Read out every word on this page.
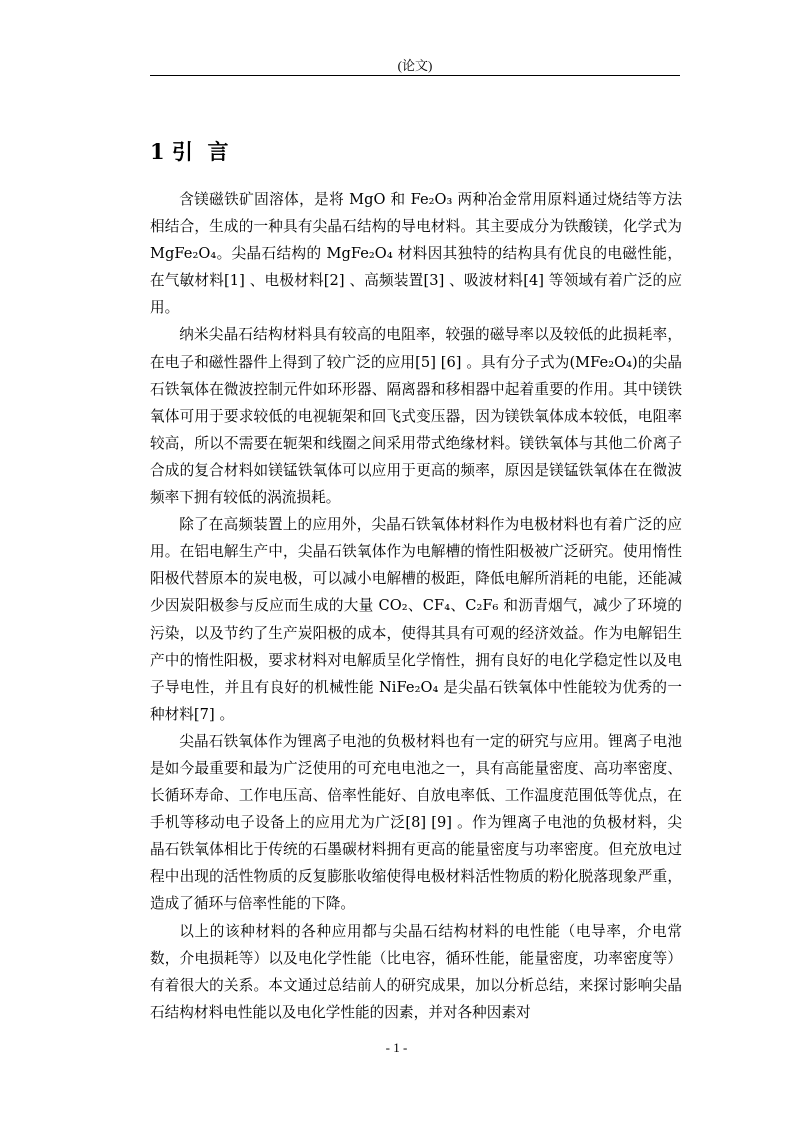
(论文)
1 引  言

含镁磁铁矿固溶体，是将 MgO 和 Fe₂O₃ 两种冶金常用原料通过烧结等方法相结合，生成的一种具有尖晶石结构的导电材料。其主要成分为铁酸镁，化学式为 MgFe₂O₄。尖晶石结构的 MgFe₂O₄ 材料因其独特的结构具有优良的电磁性能，在气敏材料[1] 、电极材料[2] 、高频装置[3] 、吸波材料[4] 等领域有着广泛的应用。

纳米尖晶石结构材料具有较高的电阻率，较强的磁导率以及较低的此损耗率，在电子和磁性器件上得到了较广泛的应用[5] [6] 。具有分子式为(MFe₂O₄)的尖晶石铁氧体在微波控制元件如环形器、隔离器和移相器中起着重要的作用。其中镁铁氧体可用于要求较低的电视轭架和回飞式变压器，因为镁铁氧体成本较低，电阻率较高，所以不需要在轭架和线圈之间采用带式绝缘材料。镁铁氧体与其他二价离子合成的复合材料如镁锰铁氧体可以应用于更高的频率，原因是镁锰铁氧体在在微波频率下拥有较低的涡流损耗。

除了在高频装置上的应用外，尖晶石铁氧体材料作为电极材料也有着广泛的应用。在铝电解生产中，尖晶石铁氧体作为电解槽的惰性阳极被广泛研究。使用惰性阳极代替原本的炭电极，可以减小电解槽的极距，降低电解所消耗的电能，还能减少因炭阳极参与反应而生成的大量 CO₂、CF₄、C₂F₆ 和沥青烟气，减少了环境的污染，以及节约了生产炭阳极的成本，使得其具有可观的经济效益。作为电解铝生产中的惰性阳极，要求材料对电解质呈化学惰性，拥有良好的电化学稳定性以及电子导电性，并且有良好的机械性能 NiFe₂O₄ 是尖晶石铁氧体中性能较为优秀的一种材料[7] 。

尖晶石铁氧体作为锂离子电池的负极材料也有一定的研究与应用。锂离子电池是如今最重要和最为广泛使用的可充电电池之一，具有高能量密度、高功率密度、长循环寿命、工作电压高、倍率性能好、自放电率低、工作温度范围低等优点，在手机等移动电子设备上的应用尤为广泛[8] [9] 。作为锂离子电池的负极材料，尖晶石铁氧体相比于传统的石墨碳材料拥有更高的能量密度与功率密度。但充放电过程中出现的活性物质的反复膨胀收缩使得电极材料活性物质的粉化脱落现象严重，造成了循环与倍率性能的下降。

以上的该种材料的各种应用都与尖晶石结构材料的电性能（电导率，介电常数，介电损耗等）以及电化学性能（比电容，循环性能，能量密度，功率密度等）有着很大的关系。本文通过总结前人的研究成果，加以分析总结，来探讨影响尖晶石结构材料电性能以及电化学性能的因素，并对各种因素对

- 1 -
